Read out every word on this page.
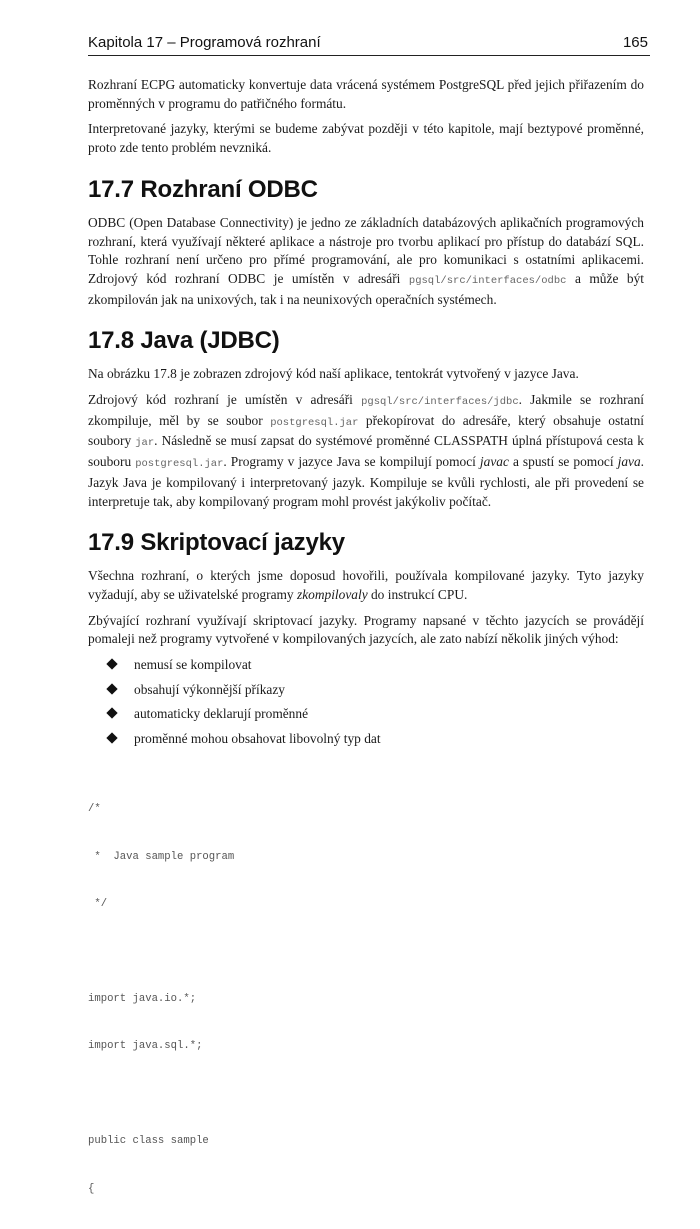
Kapitola 17 – Programová rozhraní	165

Rozhraní ECPG automaticky konvertuje data vrácená systémem PostgreSQL před jejich přiřazením do proměnných v programu do patřičného formátu.

Interpretované jazyky, kterými se budeme zabývat později v této kapitole, mají beztypové proměnné, proto zde tento problém nevzniká.

17.7 Rozhraní ODBC

ODBC (Open Database Connectivity) je jedno ze základních databázových aplikačních programových rozhraní, která využívají některé aplikace a nástroje pro tvorbu aplikací pro přístup do databází SQL. Tohle rozhraní není určeno pro přímé programování, ale pro komunikaci s ostatními aplikacemi. Zdrojový kód rozhraní ODBC je umístěn v adresáři pgsql/src/interfaces/odbc a může být zkompilován jak na unixových, tak i na neunixových operačních systémech.

17.8 Java (JDBC)

Na obrázku 17.8 je zobrazen zdrojový kód naší aplikace, tentokrát vytvořený v jazyce Java.

Zdrojový kód rozhraní je umístěn v adresáři pgsql/src/interfaces/jdbc. Jakmile se rozhraní zkompiluje, měl by se soubor postgresql.jar překopírovat do adresáře, který obsahuje ostatní soubory jar. Následně se musí zapsat do systémové proměnné CLASSPATH úplná přístupová cesta k souboru postgresql.jar. Programy v jazyce Java se kompilují pomocí javac a spustí se pomocí java. Jazyk Java je kompilovaný i interpretovaný jazyk. Kompiluje se kvůli rychlosti, ale při provedení se interpretuje tak, aby kompilovaný program mohl provést jakýkoliv počítač.

17.9 Skriptovací jazyky

Všechna rozhraní, o kterých jsme doposud hovořili, používala kompilované jazyky. Tyto jazyky vyžadují, aby se uživatelské programy zkompilovaly do instrukcí CPU.

Zbývající rozhraní využívají skriptovací jazyky. Programy napsané v těchto jazycích se provádějí pomaleji než programy vytvořené v kompilovaných jazycích, ale zato nabízí několik jiných výhod:

nemusí se kompilovat
obsahují výkonnější příkazy
automaticky deklarují proměnné
proměnné mohou obsahovat libovolný typ dat

/*

*  Java sample program

*/

import java.io.*;

import java.sql.*;

public class sample

{
